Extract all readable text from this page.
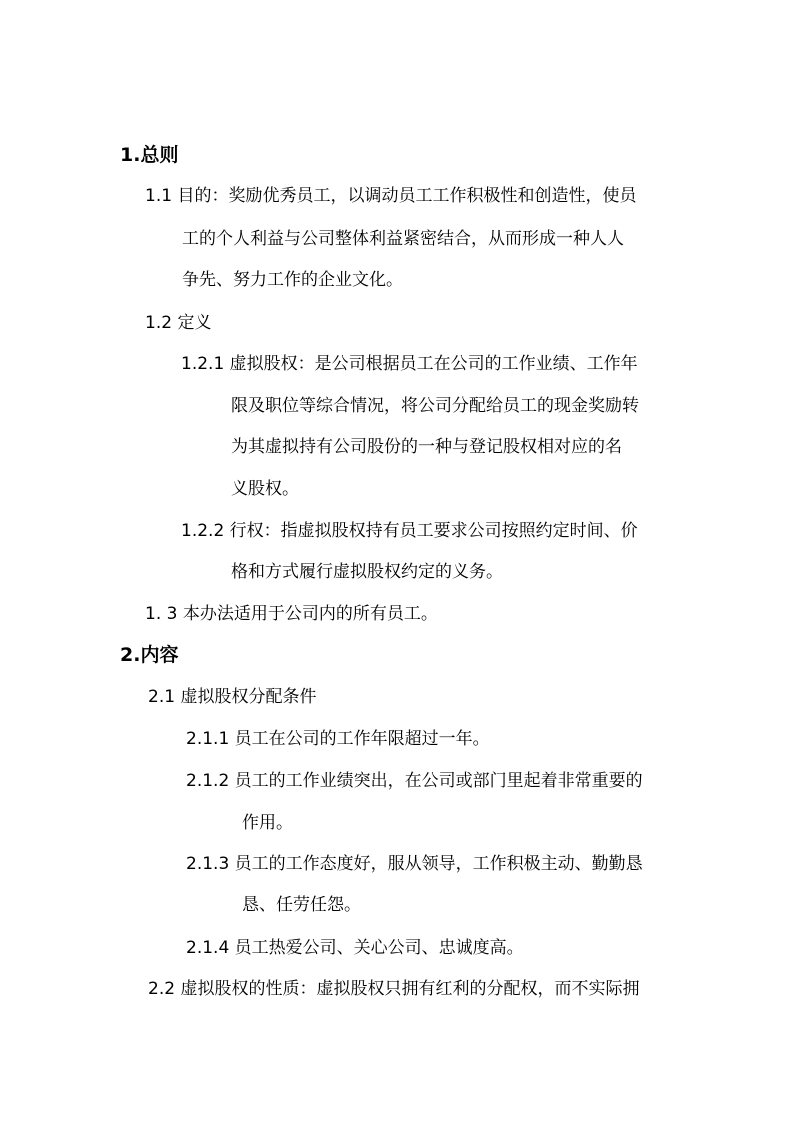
1.总则
1.1 目的：奖励优秀员工，以调动员工工作积极性和创造性，使员
工的个人利益与公司整体利益紧密结合，从而形成一种人人
争先、努力工作的企业文化。
1.2 定义
1.2.1 虚拟股权：是公司根据员工在公司的工作业绩、工作年
限及职位等综合情况，将公司分配给员工的现金奖励转
为其虚拟持有公司股份的一种与登记股权相对应的名
义股权。
1.2.2 行权：指虚拟股权持有员工要求公司按照约定时间、价
格和方式履行虚拟股权约定的义务。
1. 3 本办法适用于公司内的所有员工。
2.内容
2.1 虚拟股权分配条件
2.1.1 员工在公司的工作年限超过一年。
2.1.2 员工的工作业绩突出，在公司或部门里起着非常重要的
作用。
2.1.3 员工的工作态度好，服从领导，工作积极主动、勤勤恳
恳、任劳任怨。
2.1.4 员工热爱公司、关心公司、忠诚度高。
2.2 虚拟股权的性质：虚拟股权只拥有红利的分配权，而不实际拥
